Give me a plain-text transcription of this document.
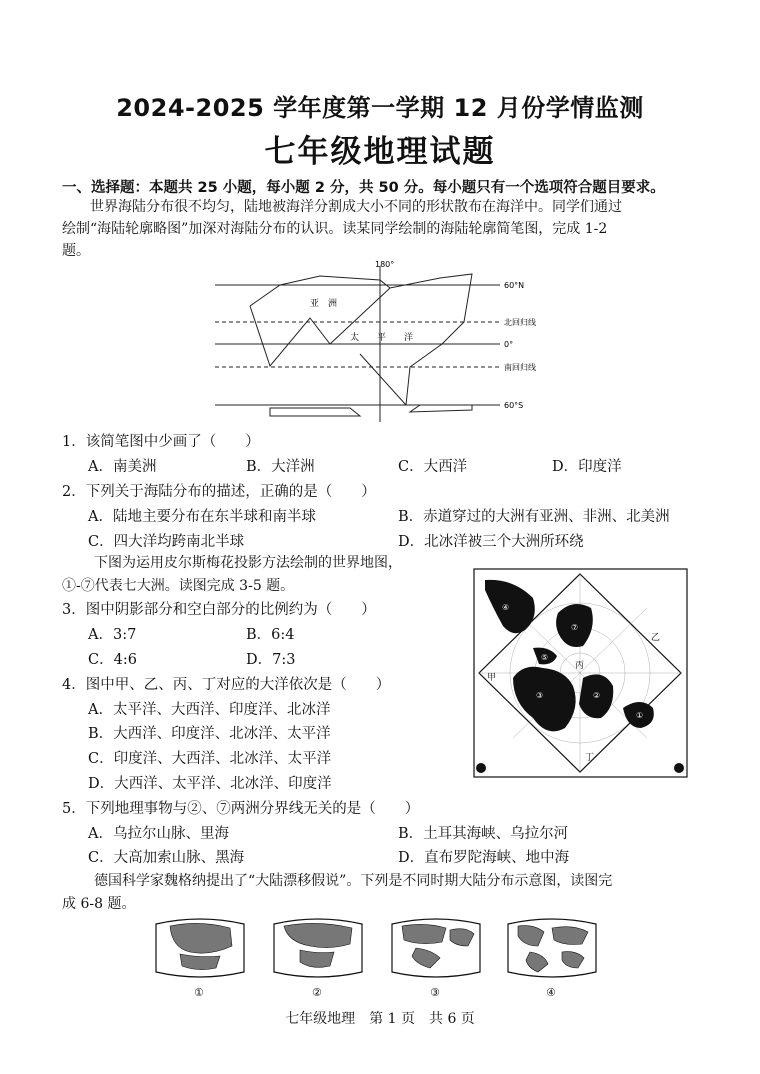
2024-2025 学年度第一学期 12 月份学情监测
七年级地理试题
一、选择题：本题共 25 小题，每小题 2 分，共 50 分。每小题只有一个选项符合题目要求。
世界海陆分布很不均匀，陆地被海洋分割成大小不同的形状散布在海洋中。同学们通过
绘制“海陆轮廓略图”加深对海陆分布的认识。读某同学绘制的海陆轮廓简笔图，完成 1-2
题。
180°
60°N
北回归线
0°
南回归线
60°S
亚　洲
太　　平　　洋
1．该简笔图中少画了（　　）
A．南美洲	B．大洋洲	C．大西洋	D．印度洋
2．下列关于海陆分布的描述，正确的是（　　）
A．陆地主要分布在东半球和南半球	B．赤道穿过的大洲有亚洲、非洲、北美洲
C．四大洋均跨南北半球	D．北冰洋被三个大洲所环绕
下图为运用皮尔斯梅花投影方法绘制的世界地图，
①-⑦代表七大洲。读图完成 3-5 题。
④
⑦
③	②
①
⑤
⑥
甲
乙
丙
丁
3．图中阴影部分和空白部分的比例约为（　　）
A．3:7	B．6:4
C．4:6	D．7:3
4．图中甲、乙、丙、丁对应的大洋依次是（　　）
A．太平洋、大西洋、印度洋、北冰洋
B．大西洋、印度洋、北冰洋、太平洋
C．印度洋、大西洋、北冰洋、太平洋
D．大西洋、太平洋、北冰洋、印度洋
5．下列地理事物与②、⑦两洲分界线无关的是（　　）
A．乌拉尔山脉、里海	B．土耳其海峡、乌拉尔河
C．大高加索山脉、黑海	D．直布罗陀海峡、地中海
德国科学家魏格纳提出了“大陆漂移假说”。下列是不同时期大陆分布示意图，读图完
成 6-8 题。
①	②	③	④
七年级地理　第 1 页　共 6 页
